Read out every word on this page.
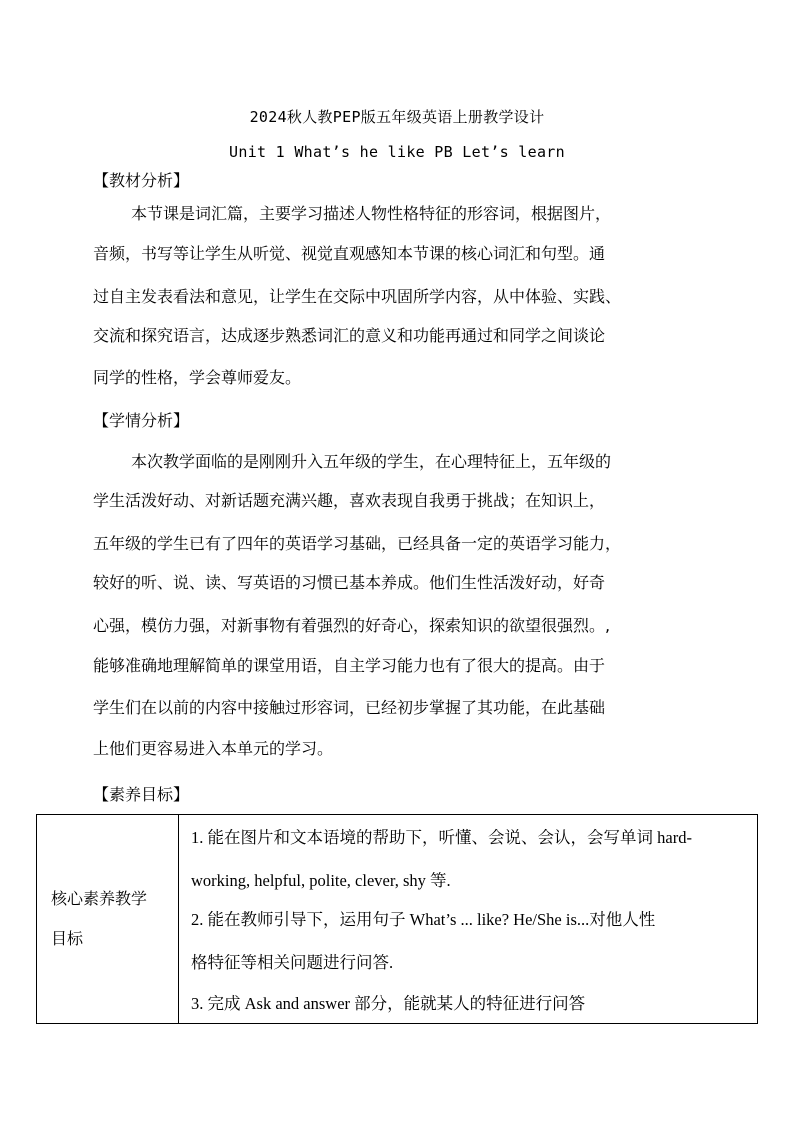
2024秋人教PEP版五年级英语上册教学设计
Unit 1 What’s he like PB Let’s learn
【教材分析】
本节课是词汇篇，主要学习描述人物性格特征的形容词，根据图片，
音频，书写等让学生从听觉、视觉直观感知本节课的核心词汇和句型。通
过自主发表看法和意见，让学生在交际中巩固所学内容，从中体验、实践、
交流和探究语言，达成逐步熟悉词汇的意义和功能再通过和同学之间谈论
同学的性格，学会尊师爱友。
【学情分析】
本次教学面临的是刚刚升入五年级的学生，在心理特征上，五年级的
学生活泼好动、对新话题充满兴趣，喜欢表现自我勇于挑战；在知识上，
五年级的学生已有了四年的英语学习基础，已经具备一定的英语学习能力，
较好的听、说、读、写英语的习惯已基本养成。他们生性活泼好动，好奇
心强，模仿力强，对新事物有着强烈的好奇心，探索知识的欲望很强烈。,
能够准确地理解简单的课堂用语，自主学习能力也有了很大的提高。由于
学生们在以前的内容中接触过形容词，已经初步掌握了其功能，在此基础
上他们更容易进入本单元的学习。
【素养目标】
核心素养教学
目标

1. 能在图片和文本语境的帮助下，听懂、会说、会认，会写单词 hard-
working, helpful, polite, clever, shy 等.
2. 能在教师引导下，运用句子 What’s ... like? He/She is...对他人性
格特征等相关问题进行问答.
3. 完成 Ask and answer 部分，能就某人的特征进行问答
